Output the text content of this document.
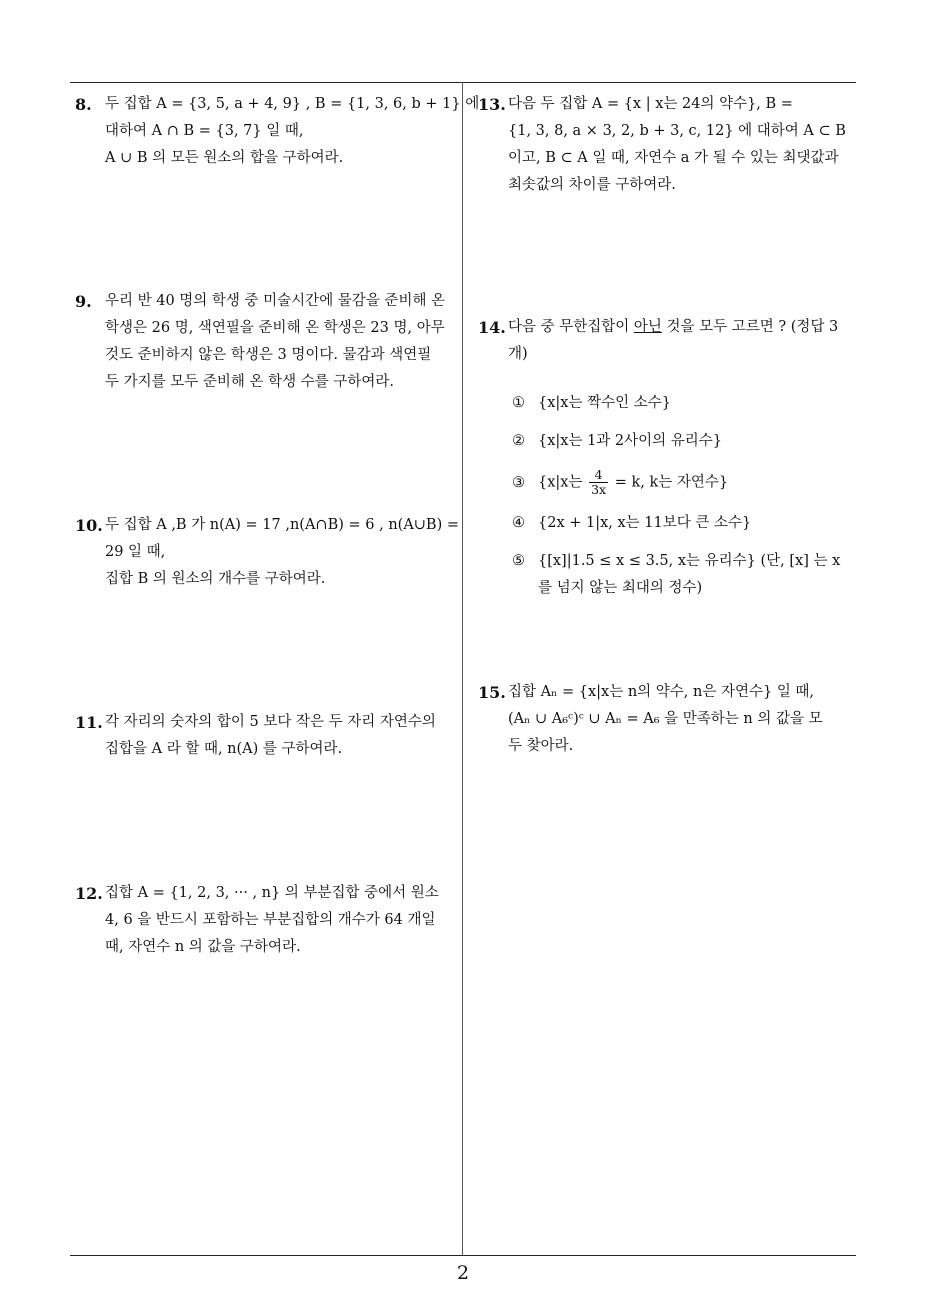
8. 두 집합 A = {3, 5, a + 4, 9} , B = {1, 3, 6, b + 1} 에
대하여 A ∩ B = {3, 7} 일 때,
A ∪ B 의 모든 원소의 합을 구하여라.
9. 우리 반 40 명의 학생 중 미술시간에 물감을 준비해 온
학생은 26 명, 색연필을 준비해 온 학생은 23 명, 아무
것도 준비하지 않은 학생은 3 명이다. 물감과 색연필
두 가지를 모두 준비해 온 학생 수를 구하여라.
10. 두 집합 A ,B 가 n(A) = 17 ,n(A∩B) = 6 , n(A∪B) =
29 일 때,
집합 B 의 원소의 개수를 구하여라.
11. 각 자리의 숫자의 합이 5 보다 작은 두 자리 자연수의
집합을 A 라 할 때, n(A) 를 구하여라.
12. 집합 A = {1, 2, 3, ··· , n} 의 부분집합 중에서 원소
4, 6 을 반드시 포함하는 부분집합의 개수가 64 개일
때, 자연수 n 의 값을 구하여라.
13. 다음 두 집합 A = {x | x는 24의 약수}, B =
{1, 3, 8, a × 3, 2, b + 3, c, 12} 에 대하여 A ⊂ B
이고, B ⊂ A 일 때, 자연수 a 가 될 수 있는 최댓값과
최솟값의 차이를 구하여라.
14. 다음 중 무한집합이 아닌 것을 모두 고르면 ? (정답 3
개)
① {x|x는 짝수인 소수}
② {x|x는 1과 2사이의 유리수}
③ {x|x는 $\frac{4}{3x} = k$, k는 자연수}
④ {2x + 1|x, x는 11보다 큰 소수}
⑤ {[x]|1.5 ≤ x ≤ 3.5, x는 유리수} (단, [x] 는 x
를 넘지 않는 최대의 정수)
15. 집합 Aₙ = {x|x는 n의 약수, n은 자연수} 일 때,
(Aₙ ∪ A₆ᶜ)ᶜ ∪ Aₙ = A₆ 을 만족하는 n 의 값을 모
두 찾아라.
2
